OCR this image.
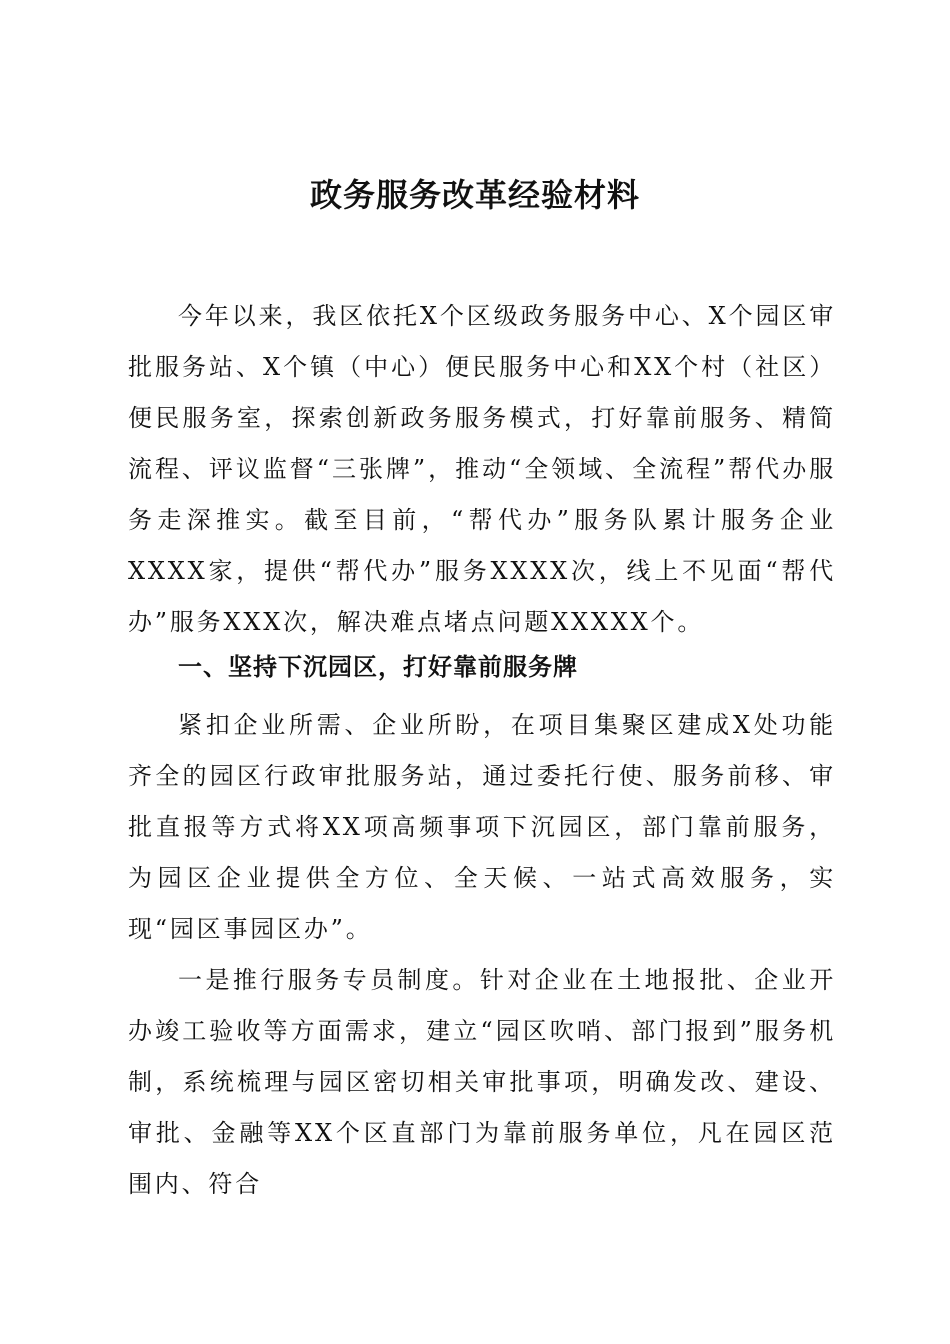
政务服务改革经验材料
今年以来，我区依托X个区级政务服务中心、X个园区审批服务站、X个镇（中心）便民服务中心和XX个村（社区）便民服务室，探索创新政务服务模式，打好靠前服务、精简流程、评议监督“三张牌”，推动“全领域、全流程”帮代办服务走深推实。截至目前，“帮代办”服务队累计服务企业XXXX家，提供“帮代办”服务XXXX次，线上不见面“帮代办”服务XXX次，解决难点堵点问题XXXXX个。
一、坚持下沉园区，打好靠前服务牌
紧扣企业所需、企业所盼，在项目集聚区建成X处功能齐全的园区行政审批服务站，通过委托行使、服务前移、审批直报等方式将XX项高频事项下沉园区，部门靠前服务，为园区企业提供全方位、全天候、一站式高效服务，实现“园区事园区办”。
一是推行服务专员制度。针对企业在土地报批、企业开办竣工验收等方面需求，建立“园区吹哨、部门报到”服务机制，系统梳理与园区密切相关审批事项，明确发改、建设、审批、金融等XX个区直部门为靠前服务单位，凡在园区范围内、符合
